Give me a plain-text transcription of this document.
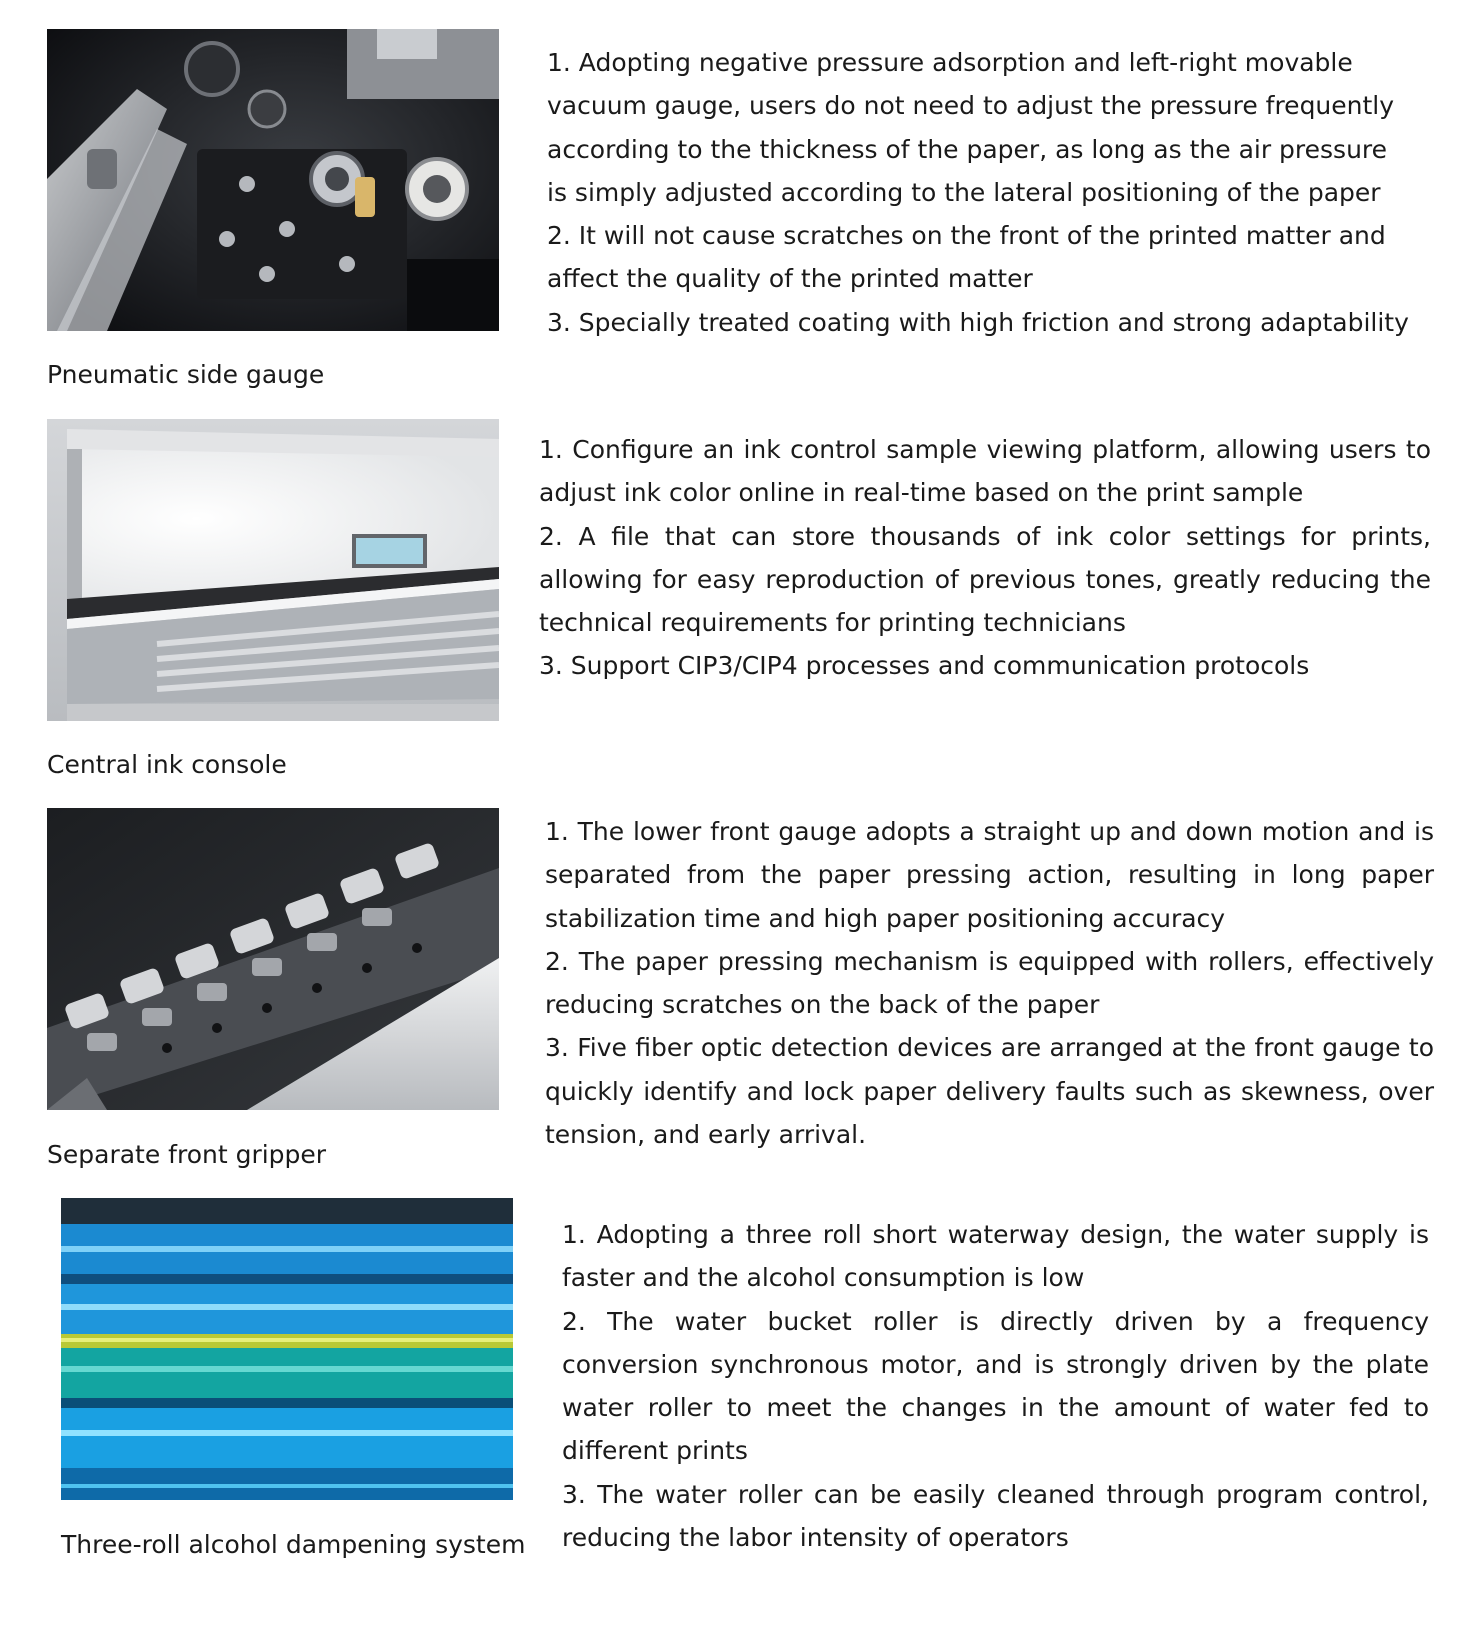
1. Adopting negative pressure adsorption and left-right movable vacuum gauge, users do not need to adjust the pressure frequently according to the thickness of the paper, as long as the air pressure is simply adjusted according to the lateral positioning of the paper

2. It will not cause scratches on the front of the printed matter and affect the quality of the printed matter

3. Specially treated coating with high friction and strong adaptability

Pneumatic side gauge

1. Configure an ink control sample viewing platform, allowing users to adjust ink color online in real-time based on the print sample

2. A file that can store thousands of ink color settings for prints, allowing for easy reproduction of previous tones, greatly reducing the technical requirements for printing technicians

3. Support CIP3/CIP4 processes and communication protocols

Central ink console

1. The lower front gauge adopts a straight up and down motion and is separated from the paper pressing action, resulting in long paper stabilization time and high paper positioning accuracy

2. The paper pressing mechanism is equipped with rollers, effectively reducing scratches on the back of the paper

3. Five fiber optic detection devices are arranged at the front gauge to quickly identify and lock paper delivery faults such as skewness, over tension, and early arrival.

Separate front gripper

1. Adopting a three roll short waterway design, the water supply is faster and the alcohol consumption is low

2. The water bucket roller is directly driven by a frequency conversion synchronous motor, and is strongly driven by the plate water roller to meet the changes in the amount of water fed to different prints

3. The water roller can be easily cleaned through program control, reducing the labor intensity of operators

Three-roll alcohol dampening system
